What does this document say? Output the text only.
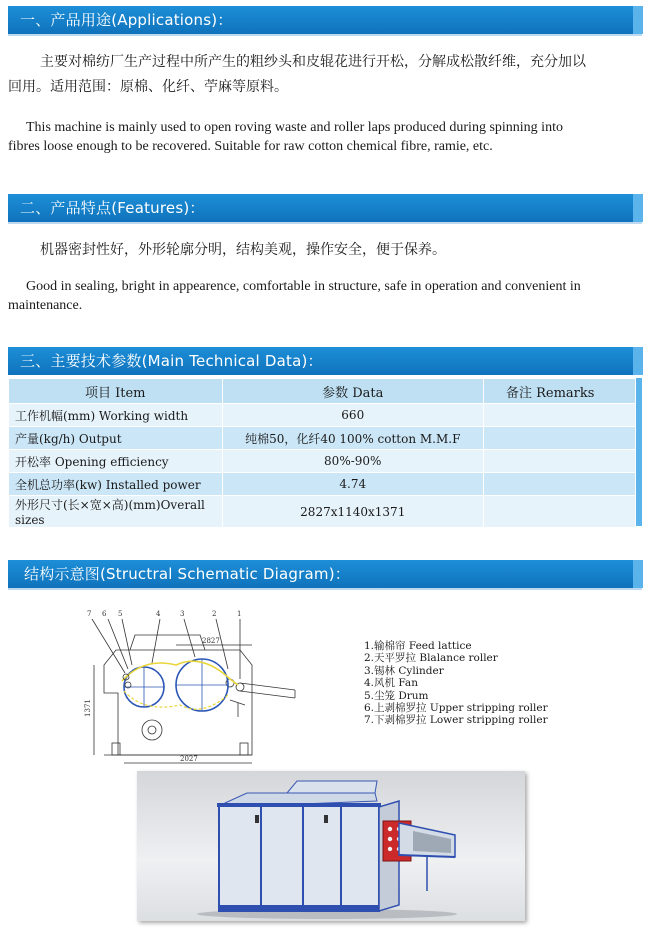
一、产品用途(Applications)：

主要对棉纺厂生产过程中所产生的粗纱头和皮辊花进行开松，分解成松散纤维，充分加以

回用。适用范围：原棉、化纤、苧麻等原料。

This machine is mainly used to open roving waste and roller laps produced during spinning into

fibres loose enough to be recovered. Suitable for raw cotton chemical fibre, ramie, etc.

二、产品特点(Features)：

机器密封性好，外形轮廓分明，结构美观，操作安全，便于保养。

Good in sealing, bright in appearence, comfortable in structure, safe in operation and convenient in

maintenance.

三、主要技术参数(Main Technical Data)：
项目 Item	参数 Data	备注 Remarks
工作机幅(mm) Working width	660	
产量(kg/h) Output	纯棉50，化纤40 100% cotton M.M.F	
开松率 Opening efficiency	80%-90%	
全机总功率(kw) Installed power	4.74	
外形尺寸(长×宽×高)(mm)Overall sizes	2827x1140x1371	
结构示意图(Structral Schematic Diagram)：
7 6 5	4	3	2	1
2827
2027
1371
1.输棉帘 Feed lattice
2.天平罗拉 Blalance roller
3.锡林 Cylinder
4.风机 Fan
5.尘笼 Drum
6.上剥棉罗拉 Upper stripping roller
7.下剥棉罗拉 Lower stripping roller
